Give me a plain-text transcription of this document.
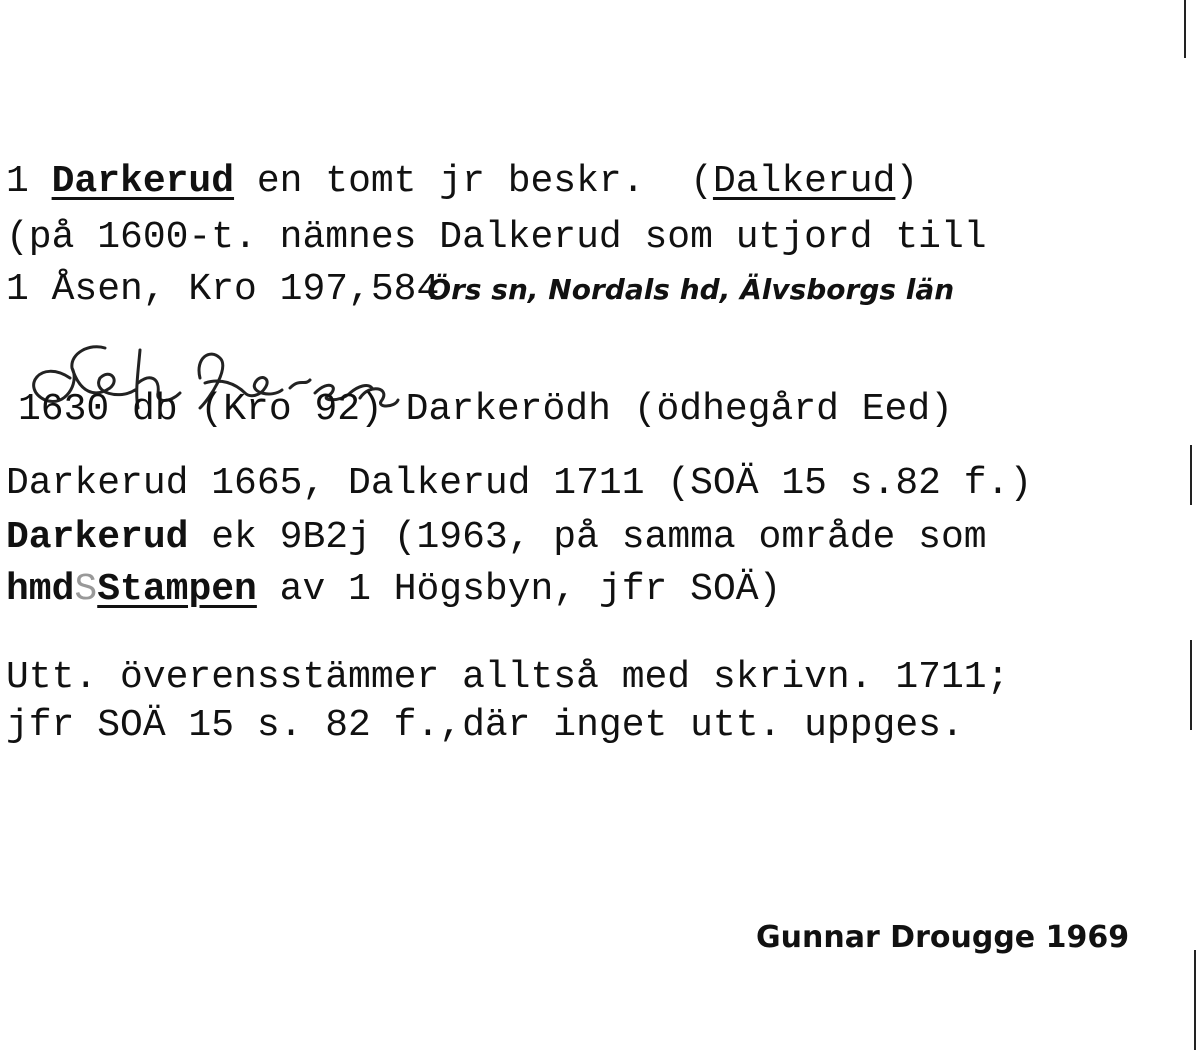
1 Darkerud en tomt jr beskr.  (Dalkerud)
(på 1600-t. nämnes Dalkerud som utjord till
1 Åsen, Kro 197,584Örs sn, Nordals hd, Älvsborgs län
1630 db (Kro 92) Darkerödh (ödhegård Eed)
Darkerud 1665, Dalkerud 1711 (SOÄ 15 s.82 f.)
Darkerud ek 9B2j (1963, på samma område som
hmdSStampen av 1 Högsbyn, jfr SOÄ)
Utt. överensstämmer alltså med skrivn. 1711;
jfr SOÄ 15 s. 82 f.,där inget utt. uppges.
Gunnar Drougge 1969
